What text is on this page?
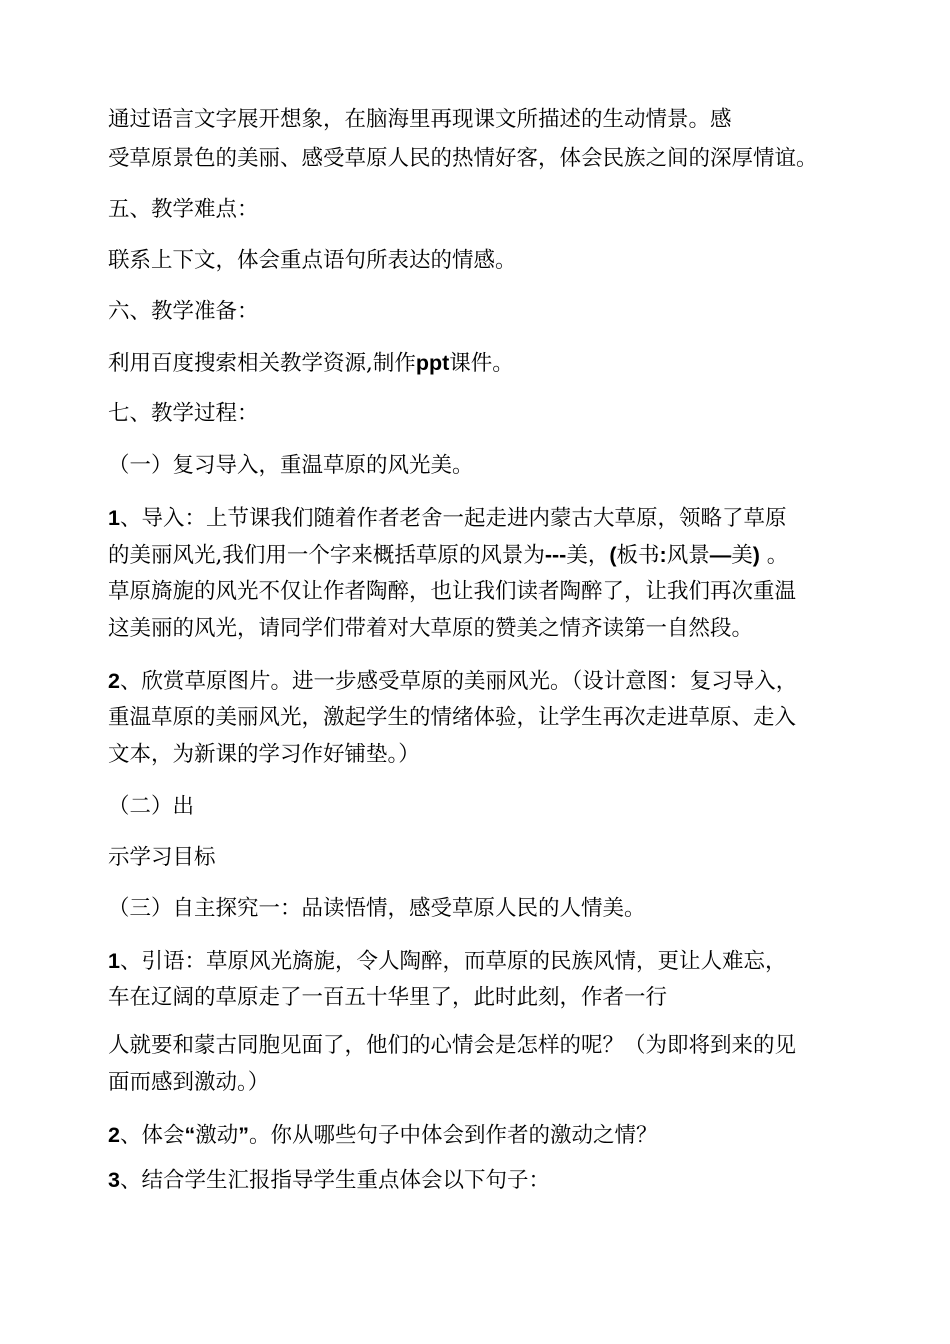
通过语言文字展开想象，在脑海里再现课文所描述的生动情景。感
受草原景色的美丽、感受草原人民的热情好客，体会民族之间的深厚情谊。
五、教学难点：
联系上下文，体会重点语句所表达的情感。
六、教学准备：
利用百度搜索相关教学资源,制作ppt课件。
七、教学过程：
（一）复习导入，重温草原的风光美。
1、导入：上节课我们随着作者老舍一起走进内蒙古大草原，领略了草原
的美丽风光,我们用一个字来概括草原的风景为---美，(板书:风景—美) 。
草原旖旎的风光不仅让作者陶醉，也让我们读者陶醉了，让我们再次重温
这美丽的风光，请同学们带着对大草原的赞美之情齐读第一自然段。
2、欣赏草原图片。进一步感受草原的美丽风光。（设计意图：复习导入，
重温草原的美丽风光，激起学生的情绪体验，让学生再次走进草原、走入
文本，为新课的学习作好铺垫。）
（二）出
示学习目标
（三）自主探究一：品读悟情，感受草原人民的人情美。
1、引语：草原风光旖旎，令人陶醉，而草原的民族风情，更让人难忘，
车在辽阔的草原走了一百五十华里了，此时此刻，作者一行
人就要和蒙古同胞见面了，他们的心情会是怎样的呢？（为即将到来的见
面而感到激动。）
2、体会“激动”。你从哪些句子中体会到作者的激动之情？
3、结合学生汇报指导学生重点体会以下句子：
